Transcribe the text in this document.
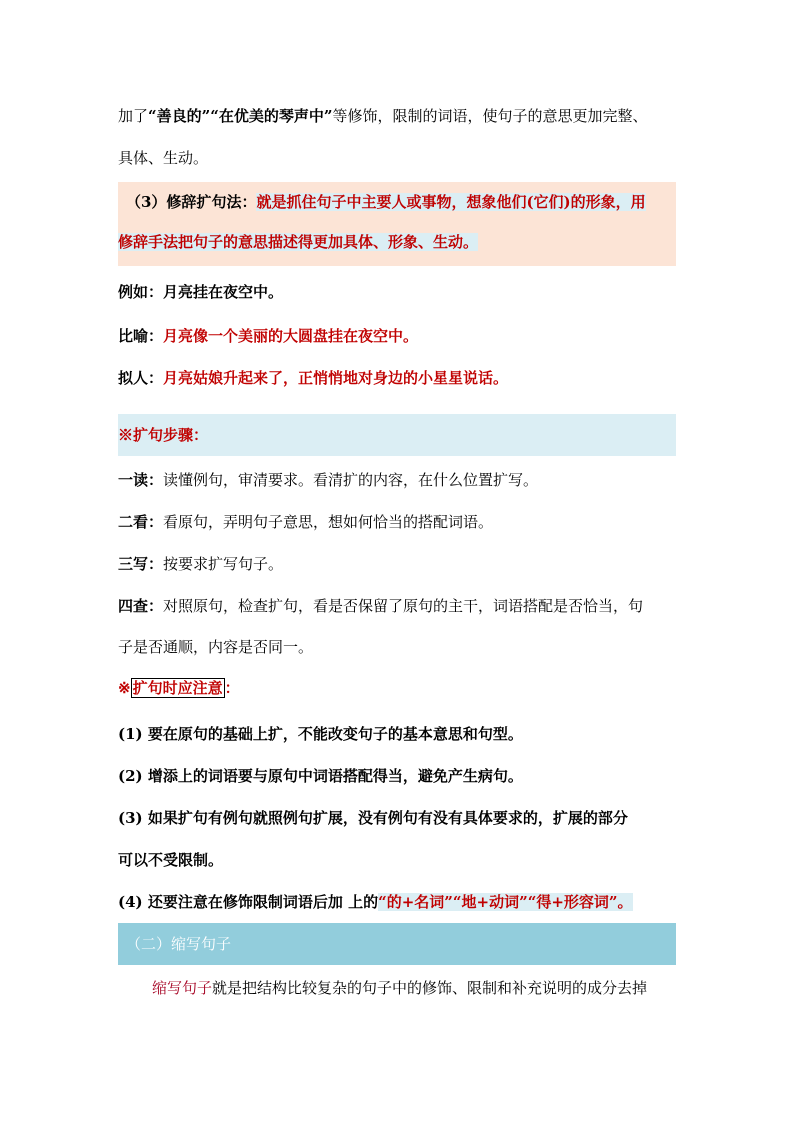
加了“善良的”“在优美的琴声中”等修饰，限制的词语，使句子的意思更加完整、
具体、生动。
（3）修辞扩句法：就是抓住句子中主要人或事物，想象他们(它们)的形象，用
修辞手法把句子的意思描述得更加具体、形象、生动。
例如：月亮挂在夜空中。
比喻：月亮像一个美丽的大圆盘挂在夜空中。
拟人：月亮姑娘升起来了，正悄悄地对身边的小星星说话。
※扩句步骤：
一读：读懂例句，审清要求。看清扩的内容，在什么位置扩写。
二看：看原句，弄明句子意思，想如何恰当的搭配词语。
三写：按要求扩写句子。
四查：对照原句，检查扩句，看是否保留了原句的主干，词语搭配是否恰当，句
子是否通顺，内容是否同一。
※ 扩句时应注意 ：
(1) 要在原句的基础上扩，不能改变句子的基本意思和句型。
(2) 增添上的词语要与原句中词语搭配得当，避免产生病句。
(3) 如果扩句有例句就照例句扩展，没有例句有没有具体要求的，扩展的部分
可以不受限制。
(4) 还要注意在修饰限制词语后加 上的“的+名词”“地+动词”“得+形容词”。
（二）缩写句子
缩写句子就是把结构比较复杂的句子中的修饰、限制和补充说明的成分去掉
